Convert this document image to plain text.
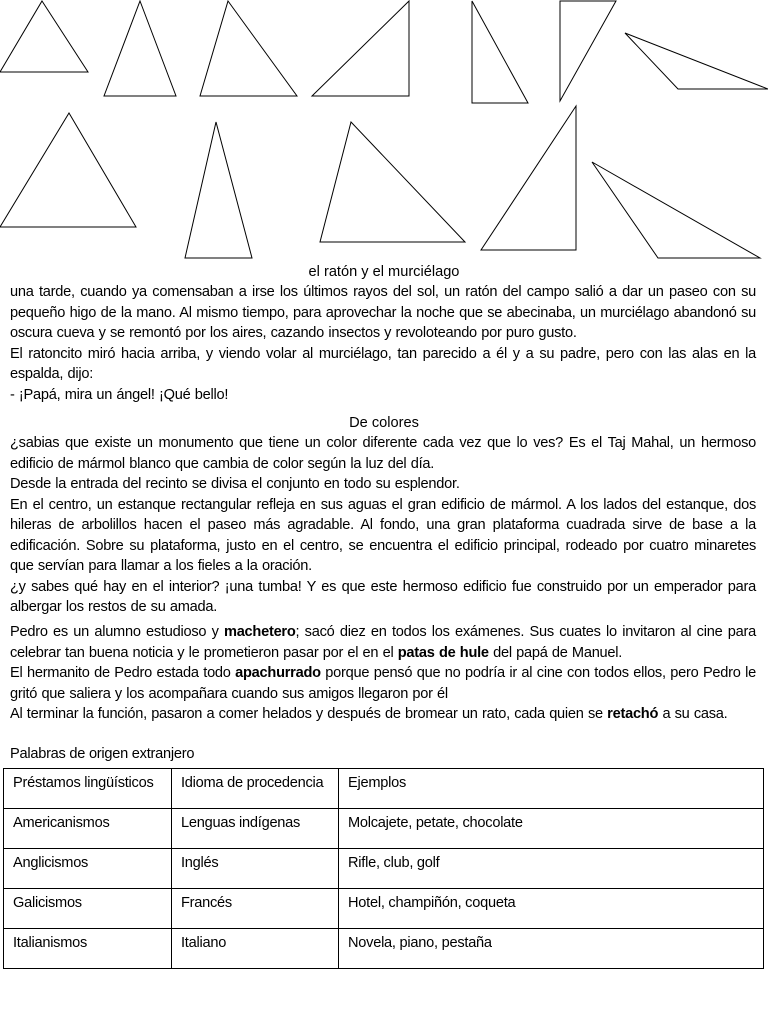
el ratón y el murciélago

una tarde, cuando ya comensaban a irse los últimos rayos del sol, un ratón del campo salió a dar un paseo con su pequeño higo de la mano. Al mismo tiempo, para aprovechar la noche que se abecinaba, un murciélago abandonó su oscura cueva y se remontó por los aires, cazando insectos y revoloteando por puro gusto.

El ratoncito miró hacia arriba, y viendo volar al murciélago, tan parecido a él y a su padre, pero con las alas en la espalda, dijo:

- ¡Papá, mira un ángel! ¡Qué bello!

De colores

¿sabias que existe un monumento que tiene un color diferente cada vez que lo ves? Es el Taj Mahal, un hermoso edificio de mármol blanco que cambia de color según la luz del día.

Desde la entrada del recinto se divisa el conjunto en todo su esplendor.

En el centro, un estanque rectangular refleja en sus aguas el gran edificio de mármol. A los lados del estanque, dos hileras de arbolillos hacen el paseo más agradable. Al fondo, una gran plataforma cuadrada sirve de base a la edificación. Sobre su plataforma, justo en el centro, se encuentra el edificio principal, rodeado por cuatro minaretes que servían para llamar a los fieles a la oración.

¿y sabes qué hay en el interior? ¡una tumba! Y es que este hermoso edificio fue construido por un emperador para albergar los restos de su amada.

Pedro es un alumno estudioso y machetero; sacó diez en todos los exámenes. Sus cuates lo invitaron al cine para celebrar tan buena noticia y le prometieron pasar por el en el patas de hule del papá de Manuel.

El hermanito de Pedro estada todo apachurrado porque pensó que no podría ir al cine con todos ellos, pero Pedro le gritó que saliera y los acompañara cuando sus amigos llegaron por él

Al terminar la función, pasaron a comer helados y después de bromear un rato, cada quien se retachó a su casa.

Palabras de origen extranjero
Préstamos lingüísticos	Idioma de procedencia	Ejemplos
Americanismos	Lenguas indígenas	Molcajete, petate, chocolate
Anglicismos	Inglés	Rifle, club, golf
Galicismos	Francés	Hotel, champiñón, coqueta
Italianismos	Italiano	Novela, piano, pestaña
